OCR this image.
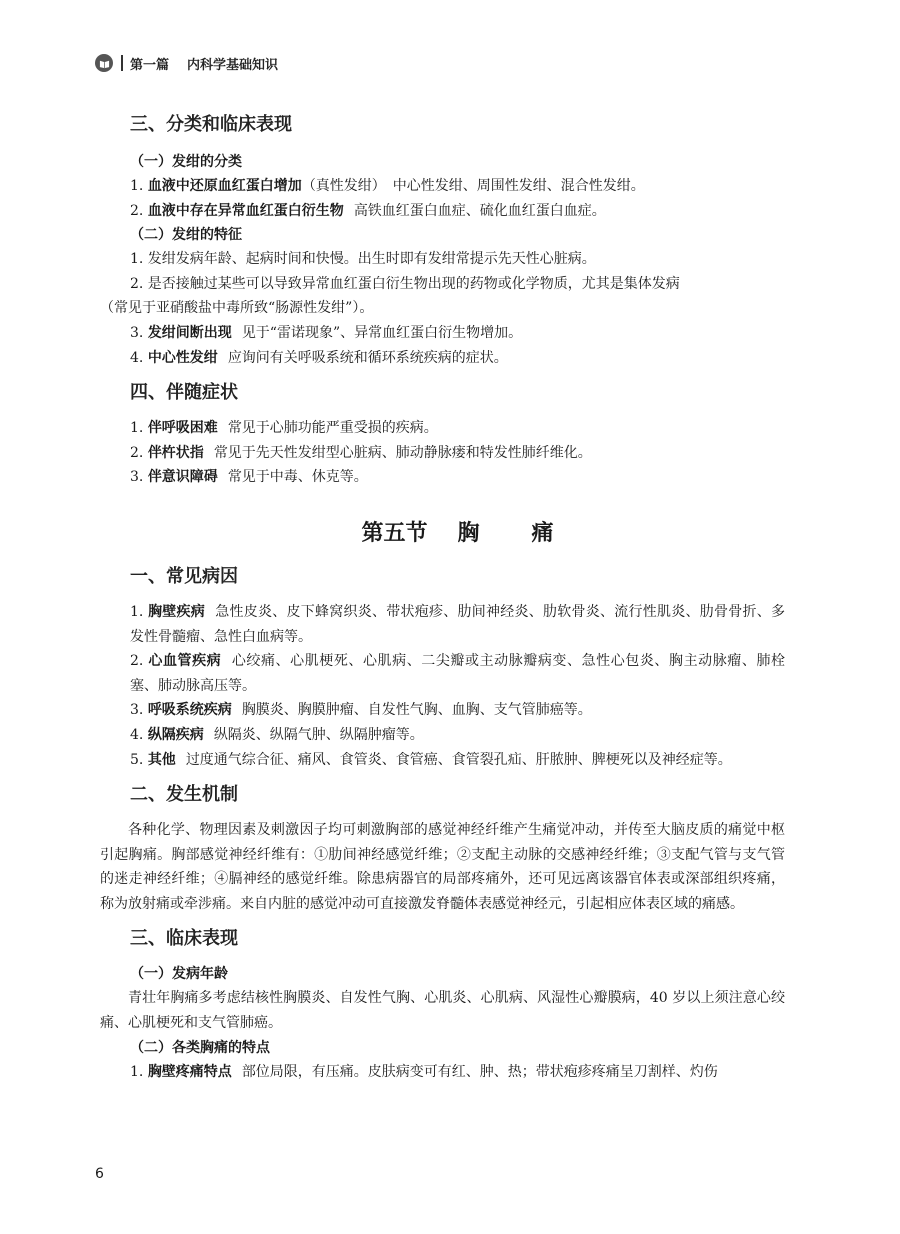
第一篇 内科学基础知识
三、分类和临床表现
（一）发绀的分类

1. 血液中还原血红蛋白增加（真性发绀）　中心性发绀、周围性发绀、混合性发绀。

2. 血液中存在异常血红蛋白衍生物 高铁血红蛋白血症、硫化血红蛋白血症。

（二）发绀的特征

1. 发绀发病年龄、起病时间和快慢。出生时即有发绀常提示先天性心脏病。

2. 是否接触过某些可以导致异常血红蛋白衍生物出现的药物或化学物质，尤其是集体发病

（常见于亚硝酸盐中毒所致“肠源性发绀”）。

3. 发绀间断出现 见于“雷诺现象”、异常血红蛋白衍生物增加。

4. 中心性发绀 应询问有关呼吸系统和循环系统疾病的症状。

四、伴随症状

1. 伴呼吸困难 常见于心肺功能严重受损的疾病。

2. 伴杵状指 常见于先天性发绀型心脏病、肺动静脉瘘和特发性肺纤维化。

3. 伴意识障碍 常见于中毒、休克等。

第五节 胸 痛
一、常见病因

1. 胸壁疾病 急性皮炎、皮下蜂窝织炎、带状疱疹、肋间神经炎、肋软骨炎、流行性肌炎、肋骨骨折、多发性骨髓瘤、急性白血病等。

2. 心血管疾病 心绞痛、心肌梗死、心肌病、二尖瓣或主动脉瓣病变、急性心包炎、胸主动脉瘤、肺栓塞、肺动脉高压等。

3. 呼吸系统疾病 胸膜炎、胸膜肿瘤、自发性气胸、血胸、支气管肺癌等。

4. 纵隔疾病 纵隔炎、纵隔气肿、纵隔肿瘤等。

5. 其他 过度通气综合征、痛风、食管炎、食管癌、食管裂孔疝、肝脓肿、脾梗死以及神经症等。

二、发生机制

各种化学、物理因素及刺激因子均可刺激胸部的感觉神经纤维产生痛觉冲动，并传至大脑皮质的痛觉中枢引起胸痛。胸部感觉神经纤维有：①肋间神经感觉纤维；②支配主动脉的交感神经纤维；③支配气管与支气管的迷走神经纤维；④膈神经的感觉纤维。除患病器官的局部疼痛外，还可见远离该器官体表或深部组织疼痛，称为放射痛或牵涉痛。来自内脏的感觉冲动可直接激发脊髓体表感觉神经元，引起相应体表区域的痛感。

三、临床表现
（一）发病年龄

青壮年胸痛多考虑结核性胸膜炎、自发性气胸、心肌炎、心肌病、风湿性心瓣膜病，40 岁以上须注意心绞痛、心肌梗死和支气管肺癌。

（二）各类胸痛的特点

1. 胸壁疼痛特点 部位局限，有压痛。皮肤病变可有红、肿、热；带状疱疹疼痛呈刀割样、灼伤

6
